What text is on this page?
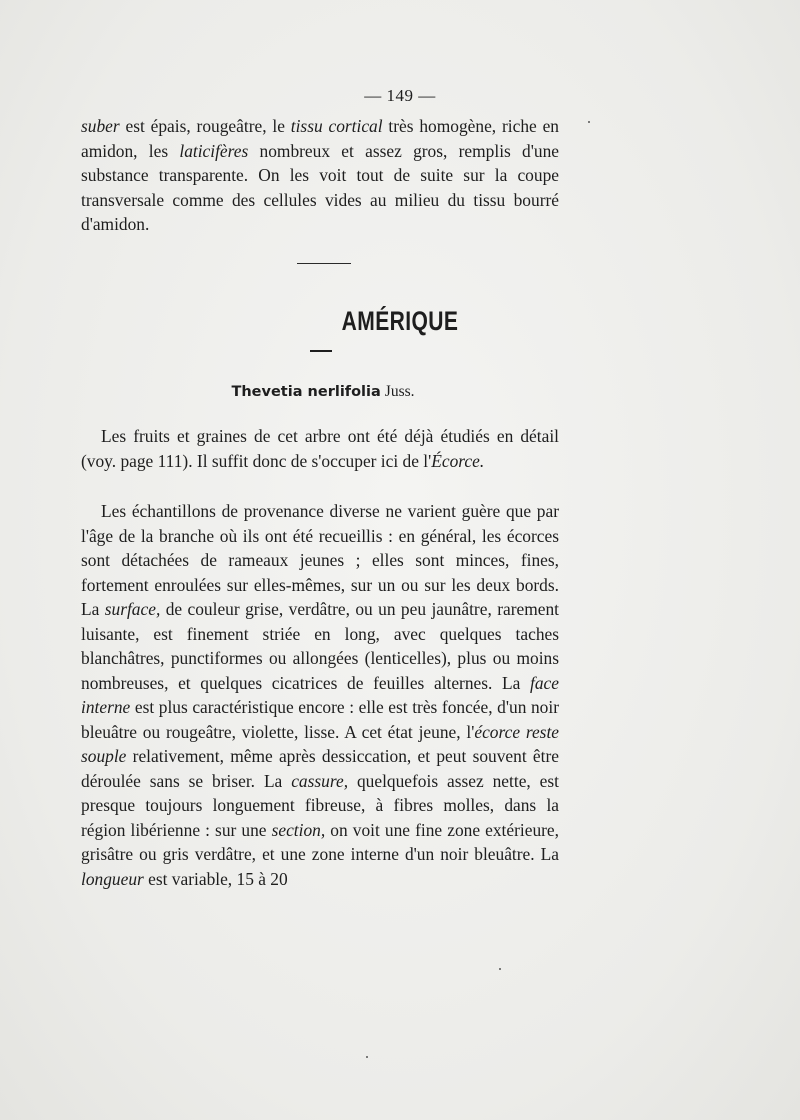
— 149 —

suber est épais, rougeâtre, le tissu cortical très homogène, riche en amidon, les laticifères nombreux et assez gros, remplis d'une substance transparente. On les voit tout de suite sur la coupe transversale comme des cellules vides au milieu du tissu bourré d'amidon.

AMÉRIQUE
Thevetia nerlifolia Juss.

Les fruits et graines de cet arbre ont été déjà étudiés en détail (voy. page 111). Il suffit donc de s'occuper ici de l'Écorce.

Les échantillons de provenance diverse ne varient guère que par l'âge de la branche où ils ont été recueillis : en général, les écorces sont détachées de rameaux jeunes ; elles sont minces, fines, fortement enroulées sur elles-mêmes, sur un ou sur les deux bords. La surface, de couleur grise, verdâtre, ou un peu jaunâtre, rarement luisante, est finement striée en long, avec quelques taches blanchâtres, punctiformes ou allongées (lenticelles), plus ou moins nombreuses, et quelques cicatrices de feuilles alternes. La face interne est plus caractéristique encore : elle est très foncée, d'un noir bleuâtre ou rougeâtre, violette, lisse. A cet état jeune, l'écorce reste souple relativement, même après dessiccation, et peut souvent être déroulée sans se briser. La cassure, quelquefois assez nette, est presque toujours longuement fibreuse, à fibres molles, dans la région libérienne : sur une section, on voit une fine zone extérieure, grisâtre ou gris verdâtre, et une zone interne d'un noir bleuâtre. La longueur est variable, 15 à 20
